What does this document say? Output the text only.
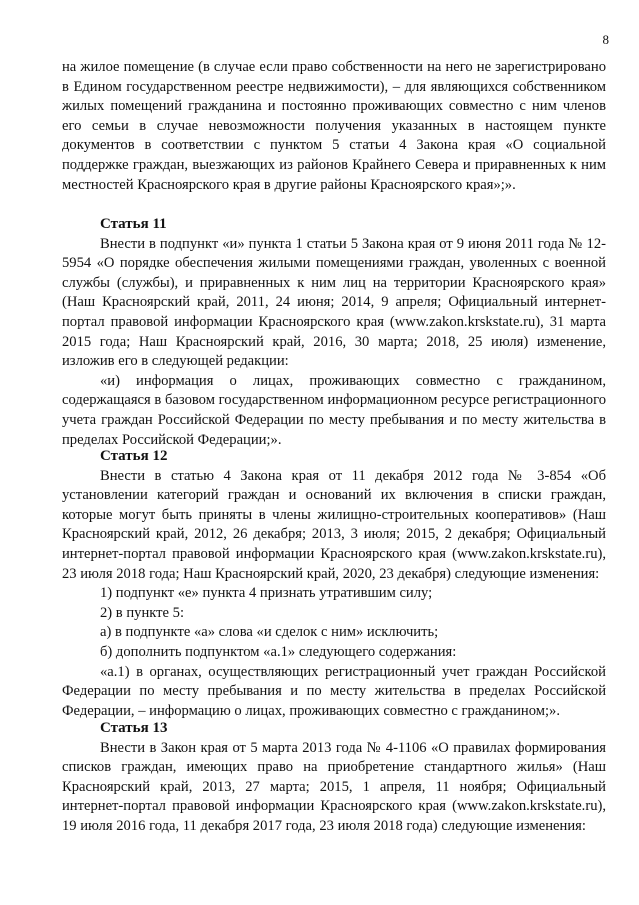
8

на жилое помещение (в случае если право собственности на него не зарегистрировано в Едином государственном реестре недвижимости), – для являющихся собственником жилых помещений гражданина и постоянно проживающих совместно с ним членов его семьи в случае невозможности получения указанных в настоящем пункте документов в соответствии с пунктом 5 статьи 4 Закона края «О социальной поддержке граждан, выезжающих из районов Крайнего Севера и приравненных к ним местностей Красноярского края в другие районы Красноярского края»;».

Статья 11

Внести в подпункт «и» пункта 1 статьи 5 Закона края от 9 июня 2011 года № 12-5954 «О порядке обеспечения жилыми помещениями граждан, уволенных с военной службы (службы), и приравненных к ним лиц на территории Красноярского края» (Наш Красноярский край, 2011, 24 июня; 2014, 9 апреля; Официальный интернет-портал правовой информации Красноярского края (www.zakon.krskstate.ru), 31 марта 2015 года; Наш Красноярский край, 2016, 30 марта; 2018, 25 июля) изменение, изложив его в следующей редакции:

«и) информация о лицах, проживающих совместно с гражданином, содержащаяся в базовом государственном информационном ресурсе регистрационного учета граждан Российской Федерации по месту пребывания и по месту жительства в пределах Российской Федерации;».

Статья 12

Внести в статью 4 Закона края от 11 декабря 2012 года № 3-854 «Об установлении категорий граждан и оснований их включения в списки граждан, которые могут быть приняты в члены жилищно-строительных кооперативов» (Наш Красноярский край, 2012, 26 декабря; 2013, 3 июля; 2015, 2 декабря; Официальный интернет-портал правовой информации Красноярского края (www.zakon.krskstate.ru), 23 июля 2018 года; Наш Красноярский край, 2020, 23 декабря) следующие изменения:

1) подпункт «е» пункта 4 признать утратившим силу;

2) в пункте 5:

а) в подпункте «а» слова «и сделок с ним» исключить;

б) дополнить подпунктом «а.1» следующего содержания:

«а.1) в органах, осуществляющих регистрационный учет граждан Российской Федерации по месту пребывания и по месту жительства в пределах Российской Федерации, – информацию о лицах, проживающих совместно с гражданином;».

Статья 13

Внести в Закон края от 5 марта 2013 года № 4-1106 «О правилах формирования списков граждан, имеющих право на приобретение стандартного жилья» (Наш Красноярский край, 2013, 27 марта; 2015, 1 апреля, 11 ноября; Официальный интернет-портал правовой информации Красноярского края (www.zakon.krskstate.ru), 19 июля 2016 года, 11 декабря 2017 года, 23 июля 2018 года) следующие изменения:
